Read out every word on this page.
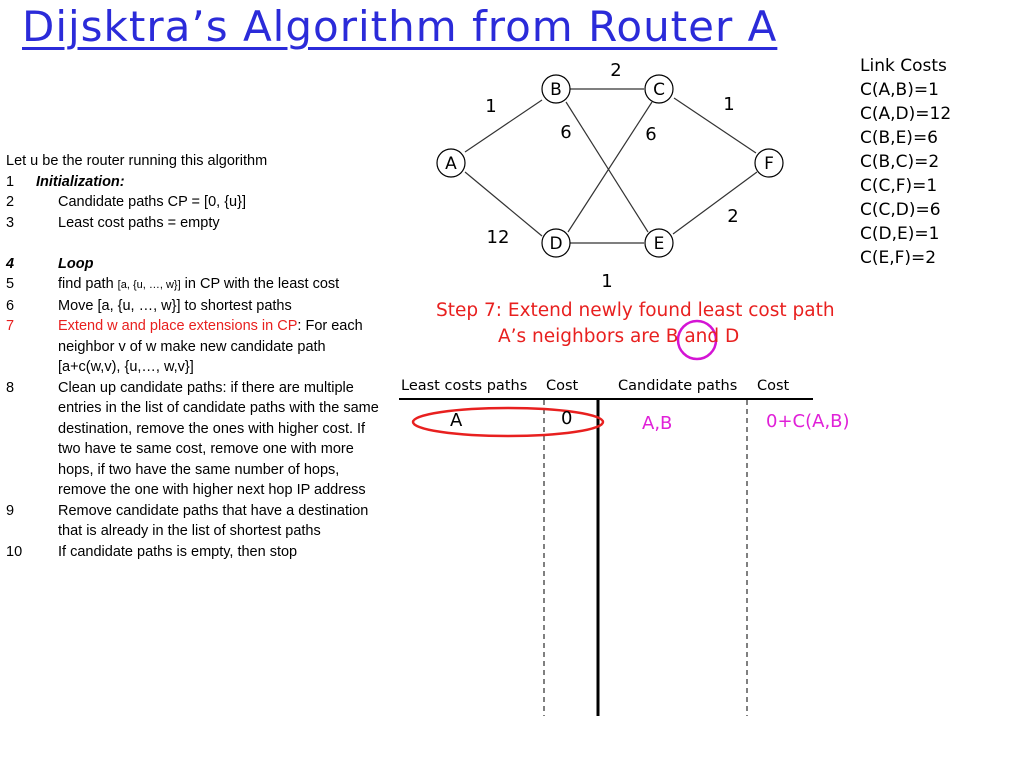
Dijsktra’s Algorithm from Router A
A
B	C
D	E
F
1
2
1
6	6
12
1
2
Link Costs
C(A,B)=1
C(A,D)=12
C(B,E)=6
C(B,C)=2
C(C,F)=1
C(C,D)=6
C(D,E)=1
C(E,F)=2
Let u be the router running this algorithm
1	Initialization:
2	Candidate paths CP = [0, {u}]
3	Least cost paths = empty
4	Loop
5	find path [a, {u, …, w}] in CP with the least cost
6	Move [a, {u, …, w}] to shortest paths
7	Extend w and place extensions in CP: For each neighbor v of w make new candidate path [a+c(w,v), {u,…, w,v}]
8	Clean up candidate paths: if there are multiple entries in the list of candidate paths with the same destination, remove the ones with higher cost. If two have te same cost, remove one with more hops, if two have the same number of hops, remove the one with higher next hop IP address
9	Remove candidate paths that have a destination that is already in the list of shortest paths
10	If candidate paths is empty, then stop
Step 7: Extend newly found least cost path
A’s neighbors are B and D
Least costs paths Cost	Candidate paths Cost
A	0	A,B	0+C(A,B)
